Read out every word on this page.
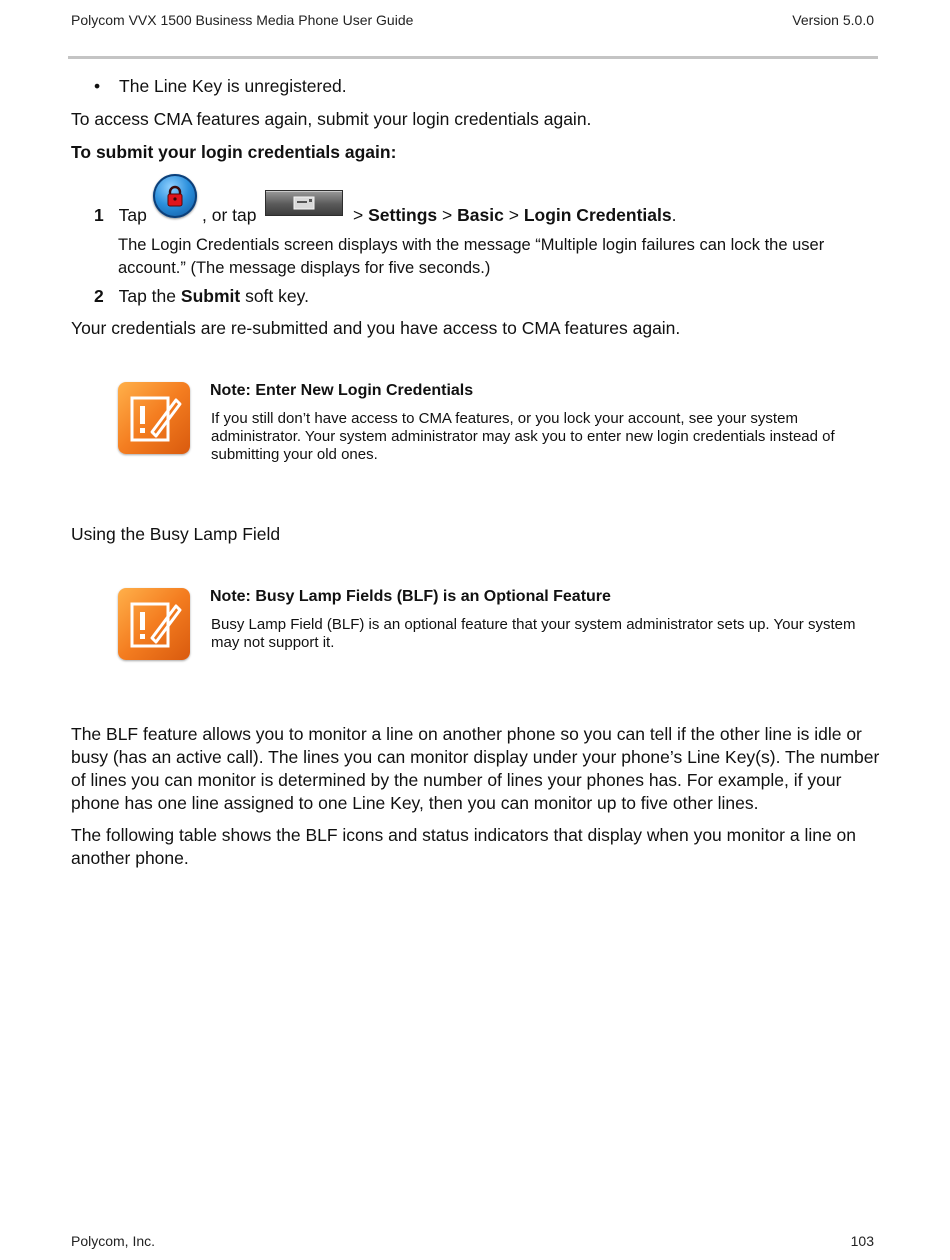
Polycom VVX 1500 Business Media Phone User Guide	Version 5.0.0
• The Line Key is unregistered.
To access CMA features again, submit your login credentials again.
To submit your login credentials again:
1 Tap	, or tap	> Settings > Basic > Login Credentials.
The Login Credentials screen displays with the message “Multiple login failures can lock the user
account.” (The message displays for five seconds.)
2 Tap the Submit soft key.
Your credentials are re-submitted and you have access to CMA features again.
Note: Enter New Login Credentials
If you still don’t have access to CMA features, or you lock your account, see your system
administrator. Your system administrator may ask you to enter new login credentials instead of
submitting your old ones.
Using the Busy Lamp Field
Note: Busy Lamp Fields (BLF) is an Optional Feature
Busy Lamp Field (BLF) is an optional feature that your system administrator sets up. Your system
may not support it.
The BLF feature allows you to monitor a line on another phone so you can tell if the other line is idle or
busy (has an active call). The lines you can monitor display under your phone’s Line Key(s). The number
of lines you can monitor is determined by the number of lines your phones has. For example, if your
phone has one line assigned to one Line Key, then you can monitor up to five other lines.
The following table shows the BLF icons and status indicators that display when you monitor a line on
another phone.
Polycom, Inc.	103
